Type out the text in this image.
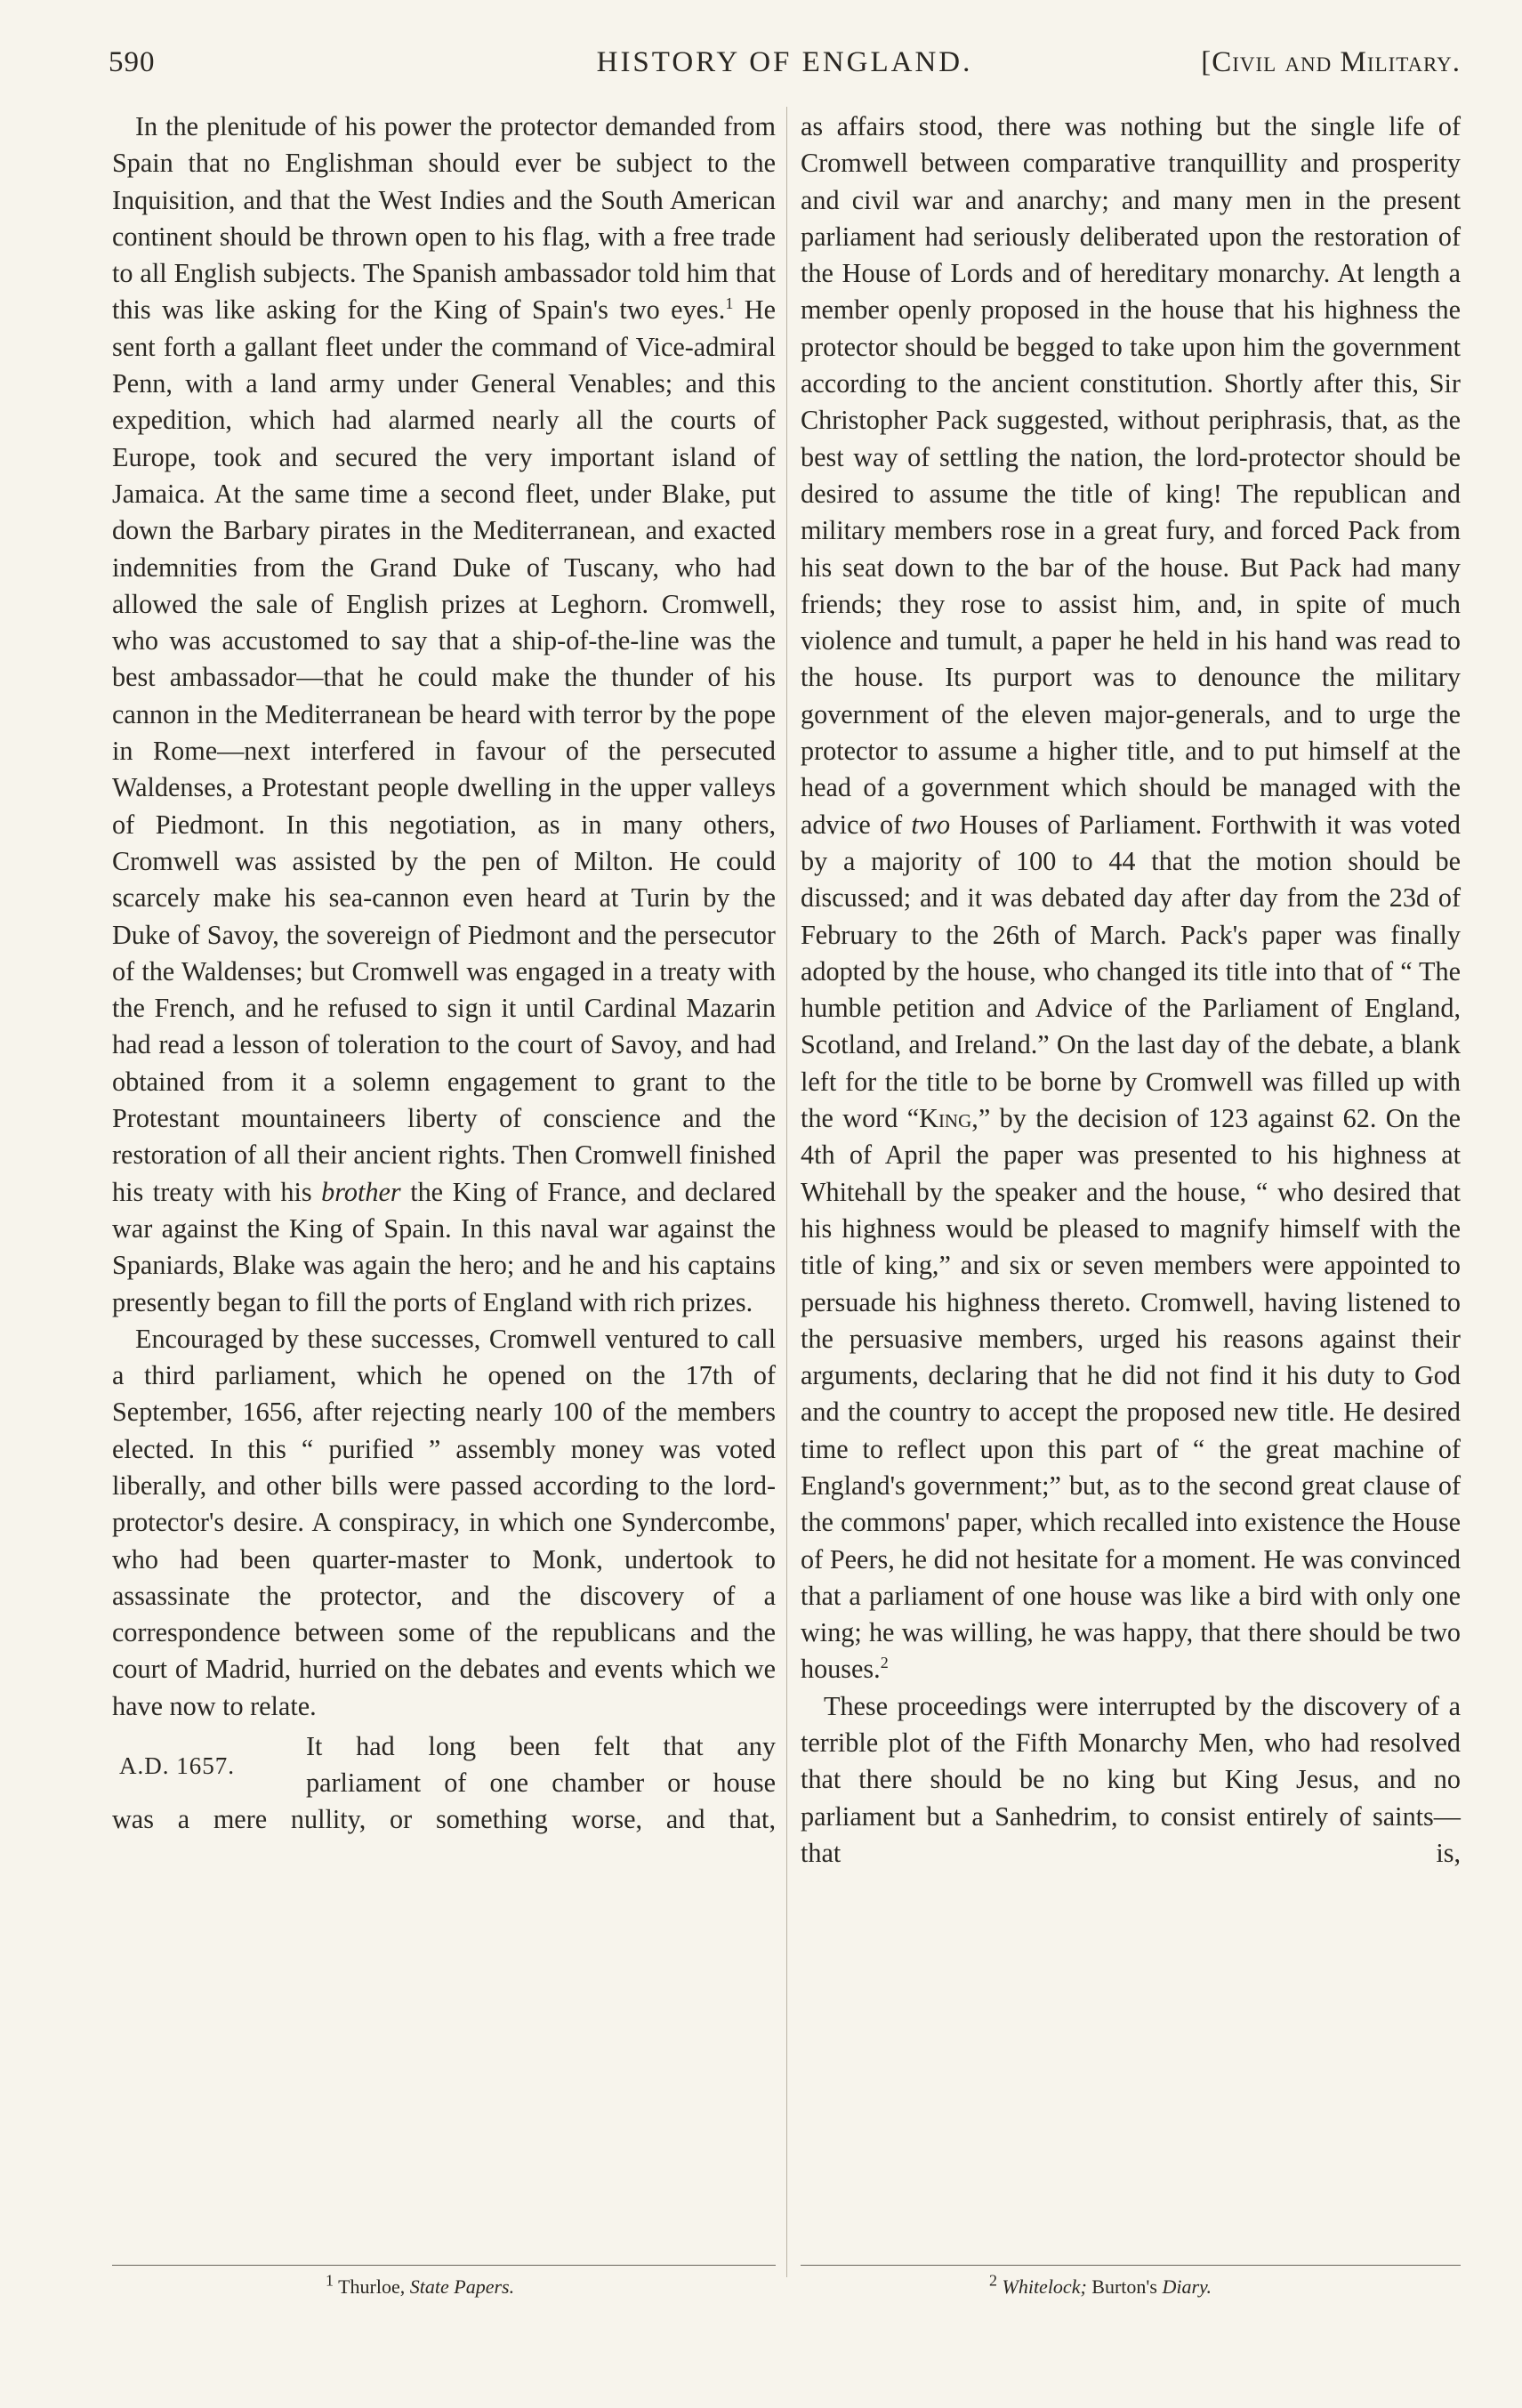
590	HISTORY OF ENGLAND.	[Civil and Military.

In the plenitude of his power the protector demanded from Spain that no Englishman should ever be subject to the Inquisition, and that the West Indies and the South American continent should be thrown open to his flag, with a free trade to all English subjects. The Spanish ambassador told him that this was like asking for the King of Spain's two eyes.$^1$ He sent forth a gallant fleet under the command of Vice-admiral Penn, with a land army under General Venables; and this expedition, which had alarmed nearly all the courts of Europe, took and secured the very important island of Jamaica. At the same time a second fleet, under Blake, put down the Barbary pirates in the Mediterranean, and exacted indemnities from the Grand Duke of Tuscany, who had allowed the sale of English prizes at Leghorn. Cromwell, who was accustomed to say that a ship-of-the-line was the best ambassador—that he could make the thunder of his cannon in the Mediterranean be heard with terror by the pope in Rome—next interfered in favour of the persecuted Waldenses, a Protestant people dwelling in the upper valleys of Piedmont. In this negotiation, as in many others, Cromwell was assisted by the pen of Milton. He could scarcely make his sea-cannon even heard at Turin by the Duke of Savoy, the sovereign of Piedmont and the persecutor of the Waldenses; but Cromwell was engaged in a treaty with the French, and he refused to sign it until Cardinal Mazarin had read a lesson of toleration to the court of Savoy, and had obtained from it a solemn engagement to grant to the Protestant mountaineers liberty of conscience and the restoration of all their ancient rights. Then Cromwell finished his treaty with his brother the King of France, and declared war against the King of Spain. In this naval war against the Spaniards, Blake was again the hero; and he and his captains presently began to fill the ports of England with rich prizes.

Encouraged by these successes, Cromwell ventured to call a third parliament, which he opened on the 17th of September, 1656, after rejecting nearly 100 of the members elected. In this “ purified ” assembly money was voted liberally, and other bills were passed according to the lord-protector's desire. A conspiracy, in which one Syndercombe, who had been quarter-master to Monk, undertook to assassinate the protector, and the discovery of a correspondence between some of the republicans and the court of Madrid, hurried on the debates and events which we have now to relate.

A.D. 1657.
It had long been felt that any
parliament of one chamber or house

was a mere nullity, or something worse, and that,

as affairs stood, there was nothing but the single life of Cromwell between comparative tranquillity and prosperity and civil war and anarchy; and many men in the present parliament had seriously deliberated upon the restoration of the House of Lords and of hereditary monarchy. At length a member openly proposed in the house that his highness the protector should be begged to take upon him the government according to the ancient constitution. Shortly after this, Sir Christopher Pack suggested, without periphrasis, that, as the best way of settling the nation, the lord-protector should be desired to assume the title of king! The republican and military members rose in a great fury, and forced Pack from his seat down to the bar of the house. But Pack had many friends; they rose to assist him, and, in spite of much violence and tumult, a paper he held in his hand was read to the house. Its purport was to denounce the military government of the eleven major-generals, and to urge the protector to assume a higher title, and to put himself at the head of a government which should be managed with the advice of two Houses of Parliament. Forthwith it was voted by a majority of 100 to 44 that the motion should be discussed; and it was debated day after day from the 23d of February to the 26th of March. Pack's paper was finally adopted by the house, who changed its title into that of “ The humble petition and Advice of the Parliament of England, Scotland, and Ireland.” On the last day of the debate, a blank left for the title to be borne by Cromwell was filled up with the word “King,” by the decision of 123 against 62. On the 4th of April the paper was presented to his highness at Whitehall by the speaker and the house, “ who desired that his highness would be pleased to magnify himself with the title of king,” and six or seven members were appointed to persuade his highness thereto. Cromwell, having listened to the persuasive members, urged his reasons against their arguments, declaring that he did not find it his duty to God and the country to accept the proposed new title. He desired time to reflect upon this part of “ the great machine of England's government;” but, as to the second great clause of the commons' paper, which recalled into existence the House of Peers, he did not hesitate for a moment. He was convinced that a parliament of one house was like a bird with only one wing; he was willing, he was happy, that there should be two houses.$^2$

These proceedings were interrupted by the discovery of a terrible plot of the Fifth Monarchy Men, who had resolved that there should be no king but King Jesus, and no parliament but a Sanhedrim, to consist entirely of saints—that is,

$^1$ Thurloe, State Papers.	$^2$ Whitelock; Burton's Diary.
